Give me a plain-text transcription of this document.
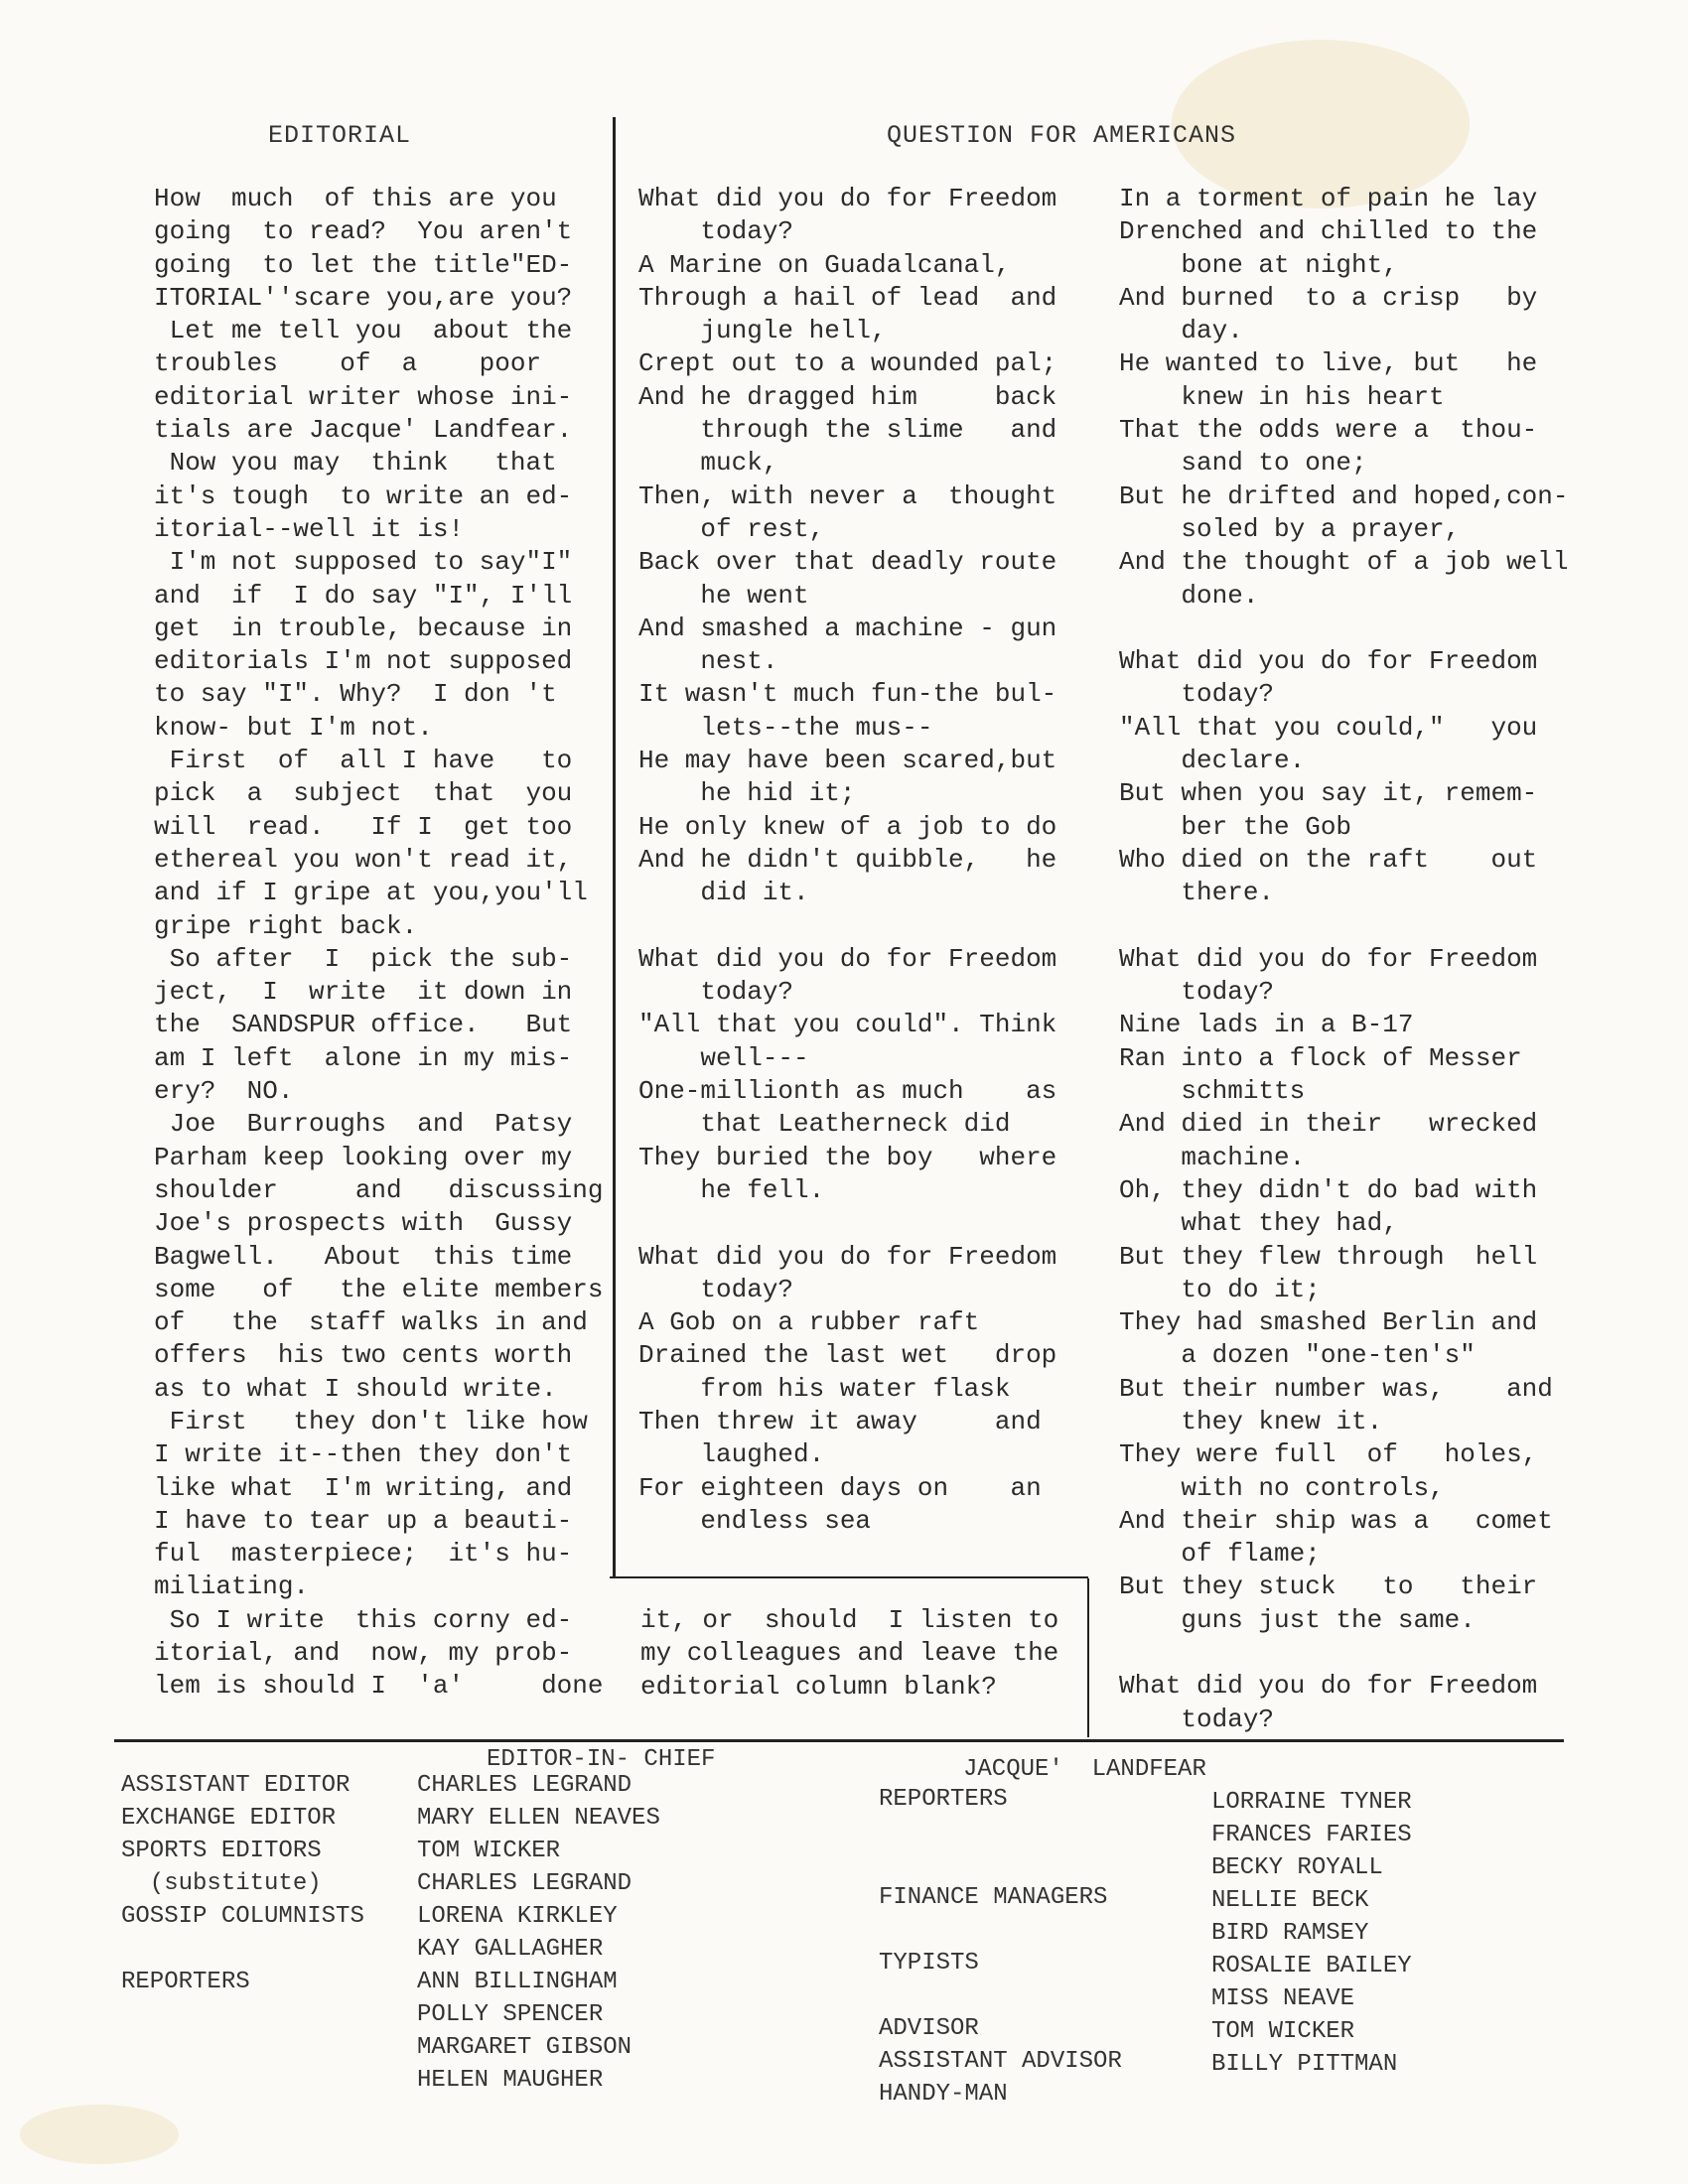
EDITORIAL	QUESTION FOR AMERICANS
How  much  of this are you
going  to read?  You aren't
going  to let the title"ED-
ITORIAL''scare you,are you?
Let me tell you  about the
troubles    of  a    poor
editorial writer whose ini-
tials are Jacque' Landfear.
Now you may  think   that
it's tough  to write an ed-
itorial--well it is!
I'm not supposed to say"I"
and  if  I do say "I", I'll
get  in trouble, because in
editorials I'm not supposed
to say "I". Why?  I don 't
know- but I'm not.
First  of  all I have   to
pick  a  subject  that  you
will  read.   If I  get too
ethereal you won't read it,
and if I gripe at you,you'll
gripe right back.
So after  I  pick the sub-
ject,  I  write  it down in
the  SANDSPUR office.   But
am I left  alone in my mis-
ery?  NO.
Joe  Burroughs  and  Patsy
Parham keep looking over my
shoulder     and   discussing
Joe's prospects with  Gussy
Bagwell.   About  this time
some   of   the elite members
of   the  staff walks in and
offers  his two cents worth
as to what I should write.
First   they don't like how
I write it--then they don't
like what  I'm writing, and
I have to tear up a beauti-
ful  masterpiece;  it's hu-
miliating.
So I write  this corny ed-
itorial, and  now, my prob-
lem is should I  'a'     done
it, or  should  I listen to
my colleagues and leave the
editorial column blank?
What did you do for Freedom
today?
A Marine on Guadalcanal,
Through a hail of lead  and
jungle hell,
Crept out to a wounded pal;
And he dragged him     back
through the slime   and
muck,
Then, with never a  thought
of rest,
Back over that deadly route
he went
And smashed a machine - gun
nest.
It wasn't much fun-the bul-
lets--the mus--
He may have been scared,but
he hid it;
He only knew of a job to do
And he didn't quibble,   he
did it.
What did you do for Freedom
today?
"All that you could". Think
well---
One-millionth as much    as
that Leatherneck did
They buried the boy   where
he fell.
What did you do for Freedom
today?
A Gob on a rubber raft
Drained the last wet   drop
from his water flask
Then threw it away     and
laughed.
For eighteen days on    an
endless sea
In a torment of pain he lay
Drenched and chilled to the
bone at night,
And burned  to a crisp   by
day.
He wanted to live, but   he
knew in his heart
That the odds were a  thou-
sand to one;
But he drifted and hoped,con-
soled by a prayer,
And the thought of a job well
done.
What did you do for Freedom
today?
"All that you could,"   you
declare.
But when you say it, remem-
ber the Gob
Who died on the raft    out
there.
What did you do for Freedom
today?
Nine lads in a B-17
Ran into a flock of Messer
schmitts
And died in their   wrecked
machine.
Oh, they didn't do bad with
what they had,
But they flew through  hell
to do it;
They had smashed Berlin and
a dozen "one-ten's"
But their number was,    and
they knew it.
They were full  of   holes,
with no controls,
And their ship was a   comet
of flame;
But they stuck   to   their
guns just the same.
What did you do for Freedom
today?
EDITOR-IN- CHIEF	JACQUE'  LANDFEAR
ASSISTANT EDITOR
EXCHANGE EDITOR
SPORTS EDITORS
(substitute)
GOSSIP COLUMNISTS
REPORTERS
CHARLES LEGRAND
MARY ELLEN NEAVES
TOM WICKER
CHARLES LEGRAND
LORENA KIRKLEY
KAY GALLAGHER
ANN BILLINGHAM
POLLY SPENCER
MARGARET GIBSON
HELEN MAUGHER
REPORTERS
FINANCE MANAGERS
TYPISTS
ADVISOR
ASSISTANT ADVISOR
HANDY-MAN
LORRAINE TYNER
FRANCES FARIES
BECKY ROYALL
NELLIE BECK
BIRD RAMSEY
ROSALIE BAILEY
MISS NEAVE
TOM WICKER
BILLY PITTMAN
